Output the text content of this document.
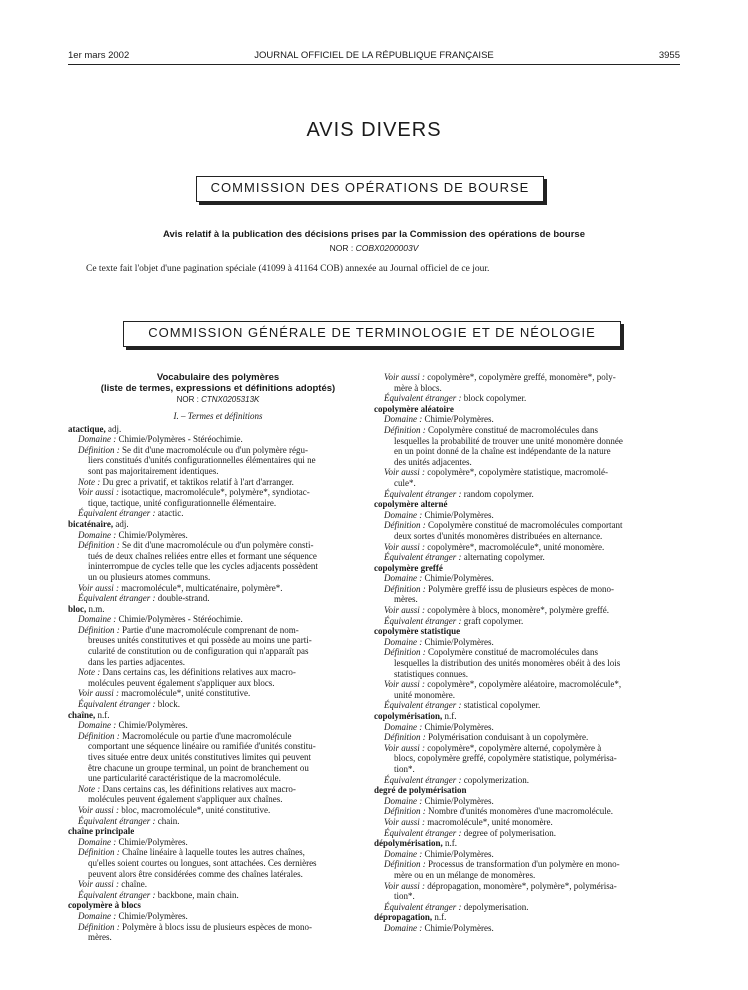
1er mars 2002	JOURNAL OFFICIEL DE LA RÉPUBLIQUE FRANÇAISE	3955
AVIS DIVERS
COMMISSION DES OPÉRATIONS DE BOURSE
Avis relatif à la publication des décisions prises par la Commission des opérations de bourse
NOR : COBX0200003V
Ce texte fait l'objet d'une pagination spéciale (41099 à 41164 COB) annexée au Journal officiel de ce jour.
COMMISSION GÉNÉRALE DE TERMINOLOGIE ET DE NÉOLOGIE
Vocabulaire des polymères
(liste de termes, expressions et définitions adoptés)
NOR : CTNX0205313K
I. – Termes et définitions
atactique, adj.
Domaine : Chimie/Polymères - Stéréochimie.
Définition : Se dit d'une macromolécule ou d'un polymère régu-
liers constitués d'unités configurationnelles élémentaires qui ne
sont pas majoritairement identiques.
Note : Du grec a privatif, et taktikos relatif à l'art d'arranger.
Voir aussi : isotactique, macromolécule*, polymère*, syndiotac-
tique, tactique, unité configurationnelle élémentaire.
Équivalent étranger : atactic.
bicaténaire, adj.
Domaine : Chimie/Polymères.
Définition : Se dit d'une macromolécule ou d'un polymère consti-
tués de deux chaînes reliées entre elles et formant une séquence
ininterrompue de cycles telle que les cycles adjacents possèdent
un ou plusieurs atomes communs.
Voir aussi : macromolécule*, multicaténaire, polymère*.
Équivalent étranger : double-strand.
bloc, n.m.
Domaine : Chimie/Polymères - Stéréochimie.
Définition : Partie d'une macromolécule comprenant de nom-
breuses unités constitutives et qui possède au moins une parti-
cularité de constitution ou de configuration qui n'apparaît pas
dans les parties adjacentes.
Note : Dans certains cas, les définitions relatives aux macro-
molécules peuvent également s'appliquer aux blocs.
Voir aussi : macromolécule*, unité constitutive.
Équivalent étranger : block.
chaîne, n.f.
Domaine : Chimie/Polymères.
Définition : Macromolécule ou partie d'une macromolécule
comportant une séquence linéaire ou ramifiée d'unités constitu-
tives située entre deux unités constitutives limites qui peuvent
être chacune un groupe terminal, un point de branchement ou
une particularité caractéristique de la macromolécule.
Note : Dans certains cas, les définitions relatives aux macro-
molécules peuvent également s'appliquer aux chaînes.
Voir aussi : bloc, macromolécule*, unité constitutive.
Équivalent étranger : chain.
chaîne principale
Domaine : Chimie/Polymères.
Définition : Chaîne linéaire à laquelle toutes les autres chaînes,
qu'elles soient courtes ou longues, sont attachées. Ces dernières
peuvent alors être considérées comme des chaînes latérales.
Voir aussi : chaîne.
Équivalent étranger : backbone, main chain.
copolymère à blocs
Domaine : Chimie/Polymères.
Définition : Polymère à blocs issu de plusieurs espèces de mono-
mères.
Voir aussi : copolymère*, copolymère greffé, monomère*, poly-
mère à blocs.
Équivalent étranger : block copolymer.
copolymère aléatoire
Domaine : Chimie/Polymères.
Définition : Copolymère constitué de macromolécules dans
lesquelles la probabilité de trouver une unité monomère donnée
en un point donné de la chaîne est indépendante de la nature
des unités adjacentes.
Voir aussi : copolymère*, copolymère statistique, macromolé-
cule*.
Équivalent étranger : random copolymer.
copolymère alterné
Domaine : Chimie/Polymères.
Définition : Copolymère constitué de macromolécules comportant
deux sortes d'unités monomères distribuées en alternance.
Voir aussi : copolymère*, macromolécule*, unité monomère.
Équivalent étranger : alternating copolymer.
copolymère greffé
Domaine : Chimie/Polymères.
Définition : Polymère greffé issu de plusieurs espèces de mono-
mères.
Voir aussi : copolymère à blocs, monomère*, polymère greffé.
Équivalent étranger : graft copolymer.
copolymère statistique
Domaine : Chimie/Polymères.
Définition : Copolymère constitué de macromolécules dans
lesquelles la distribution des unités monomères obéit à des lois
statistiques connues.
Voir aussi : copolymère*, copolymère aléatoire, macromolécule*,
unité monomère.
Équivalent étranger : statistical copolymer.
copolymérisation, n.f.
Domaine : Chimie/Polymères.
Définition : Polymérisation conduisant à un copolymère.
Voir aussi : copolymère*, copolymère alterné, copolymère à
blocs, copolymère greffé, copolymère statistique, polymérisa-
tion*.
Équivalent étranger : copolymerization.
degré de polymérisation
Domaine : Chimie/Polymères.
Définition : Nombre d'unités monomères d'une macromolécule.
Voir aussi : macromolécule*, unité monomère.
Équivalent étranger : degree of polymerisation.
dépolymérisation, n.f.
Domaine : Chimie/Polymères.
Définition : Processus de transformation d'un polymère en mono-
mère ou en un mélange de monomères.
Voir aussi : dépropagation, monomère*, polymère*, polymérisa-
tion*.
Équivalent étranger : depolymerisation.
dépropagation, n.f.
Domaine : Chimie/Polymères.
